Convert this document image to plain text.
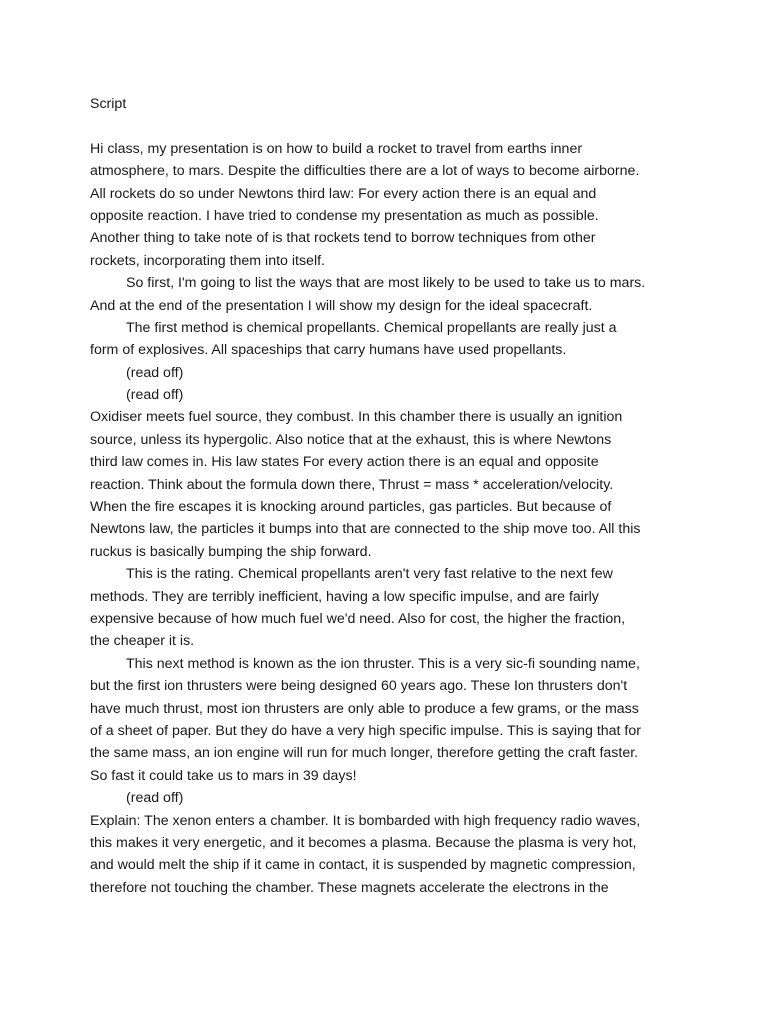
Script
Hi class, my presentation is on how to build a rocket to travel from earths inner
atmosphere, to mars. Despite the difficulties there are a lot of ways to become airborne.
All rockets do so under Newtons third law: For every action there is an equal and
opposite reaction. I have tried to condense my presentation as much as possible.
Another thing to take note of is that rockets tend to borrow techniques from other
rockets, incorporating them into itself.
So first, I'm going to list the ways that are most likely to be used to take us to mars.
And at the end of the presentation I will show my design for the ideal spacecraft.
The first method is chemical propellants. Chemical propellants are really just a
form of explosives. All spaceships that carry humans have used propellants.
(read off)
(read off)
Oxidiser meets fuel source, they combust. In this chamber there is usually an ignition
source, unless its hypergolic. Also notice that at the exhaust, this is where Newtons
third law comes in. His law states For every action there is an equal and opposite
reaction. Think about the formula down there, Thrust = mass * acceleration/velocity.
When the fire escapes it is knocking around particles, gas particles. But because of
Newtons law, the particles it bumps into that are connected to the ship move too. All this
ruckus is basically bumping the ship forward.
This is the rating. Chemical propellants aren't very fast relative to the next few
methods. They are terribly inefficient, having a low specific impulse, and are fairly
expensive because of how much fuel we'd need. Also for cost, the higher the fraction,
the cheaper it is.
This next method is known as the ion thruster. This is a very sic-fi sounding name,
but the first ion thrusters were being designed 60 years ago. These Ion thrusters don't
have much thrust, most ion thrusters are only able to produce a few grams, or the mass
of a sheet of paper. But they do have a very high specific impulse. This is saying that for
the same mass, an ion engine will run for much longer, therefore getting the craft faster.
So fast it could take us to mars in 39 days!
(read off)
Explain: The xenon enters a chamber. It is bombarded with high frequency radio waves,
this makes it very energetic, and it becomes a plasma. Because the plasma is very hot,
and would melt the ship if it came in contact, it is suspended by magnetic compression,
therefore not touching the chamber. These magnets accelerate the electrons in the
